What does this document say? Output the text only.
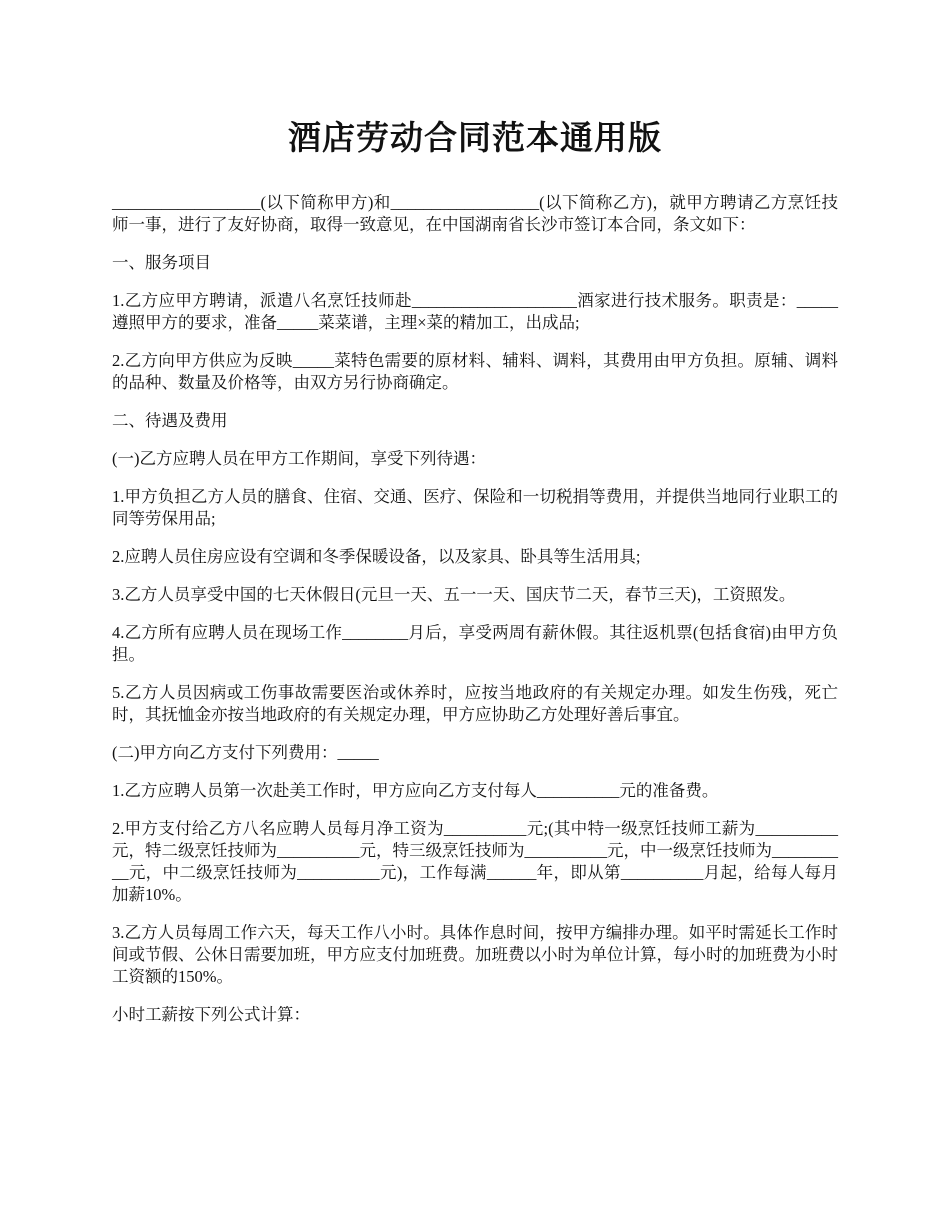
酒店劳动合同范本通用版

__________________(以下简称甲方)和__________________(以下简称乙方)，就甲方聘请乙方烹饪技师一事，进行了友好协商，取得一致意见，在中国湖南省长沙市签订本合同，条文如下：

一、服务项目

1.乙方应甲方聘请，派遣八名烹饪技师赴____________________酒家进行技术服务。职责是：_____遵照甲方的要求，准备_____菜菜谱，主理×菜的精加工，出成品;

2.乙方向甲方供应为反映_____菜特色需要的原材料、辅料、调料，其费用由甲方负担。原辅、调料的品种、数量及价格等，由双方另行协商确定。

二、待遇及费用

(一)乙方应聘人员在甲方工作期间，享受下列待遇：

1.甲方负担乙方人员的膳食、住宿、交通、医疗、保险和一切税捐等费用，并提供当地同行业职工的同等劳保用品;

2.应聘人员住房应设有空调和冬季保暖设备，以及家具、卧具等生活用具;

3.乙方人员享受中国的七天休假日(元旦一天、五一一天、国庆节二天，春节三天)，工资照发。

4.乙方所有应聘人员在现场工作________月后，享受两周有薪休假。其往返机票(包括食宿)由甲方负担。

5.乙方人员因病或工伤事故需要医治或休养时，应按当地政府的有关规定办理。如发生伤残，死亡时，其抚恤金亦按当地政府的有关规定办理，甲方应协助乙方处理好善后事宜。

(二)甲方向乙方支付下列费用：_____

1.乙方应聘人员第一次赴美工作时，甲方应向乙方支付每人__________元的准备费。

2.甲方支付给乙方八名应聘人员每月净工资为__________元;(其中特一级烹饪技师工薪为__________元，特二级烹饪技师为__________元，特三级烹饪技师为__________元，中一级烹饪技师为__________元，中二级烹饪技师为__________元)，工作每满______年，即从第__________月起，给每人每月加薪10%。

3.乙方人员每周工作六天，每天工作八小时。具体作息时间，按甲方编排办理。如平时需延长工作时间或节假、公休日需要加班，甲方应支付加班费。加班费以小时为单位计算，每小时的加班费为小时工资额的150%。

小时工薪按下列公式计算：
